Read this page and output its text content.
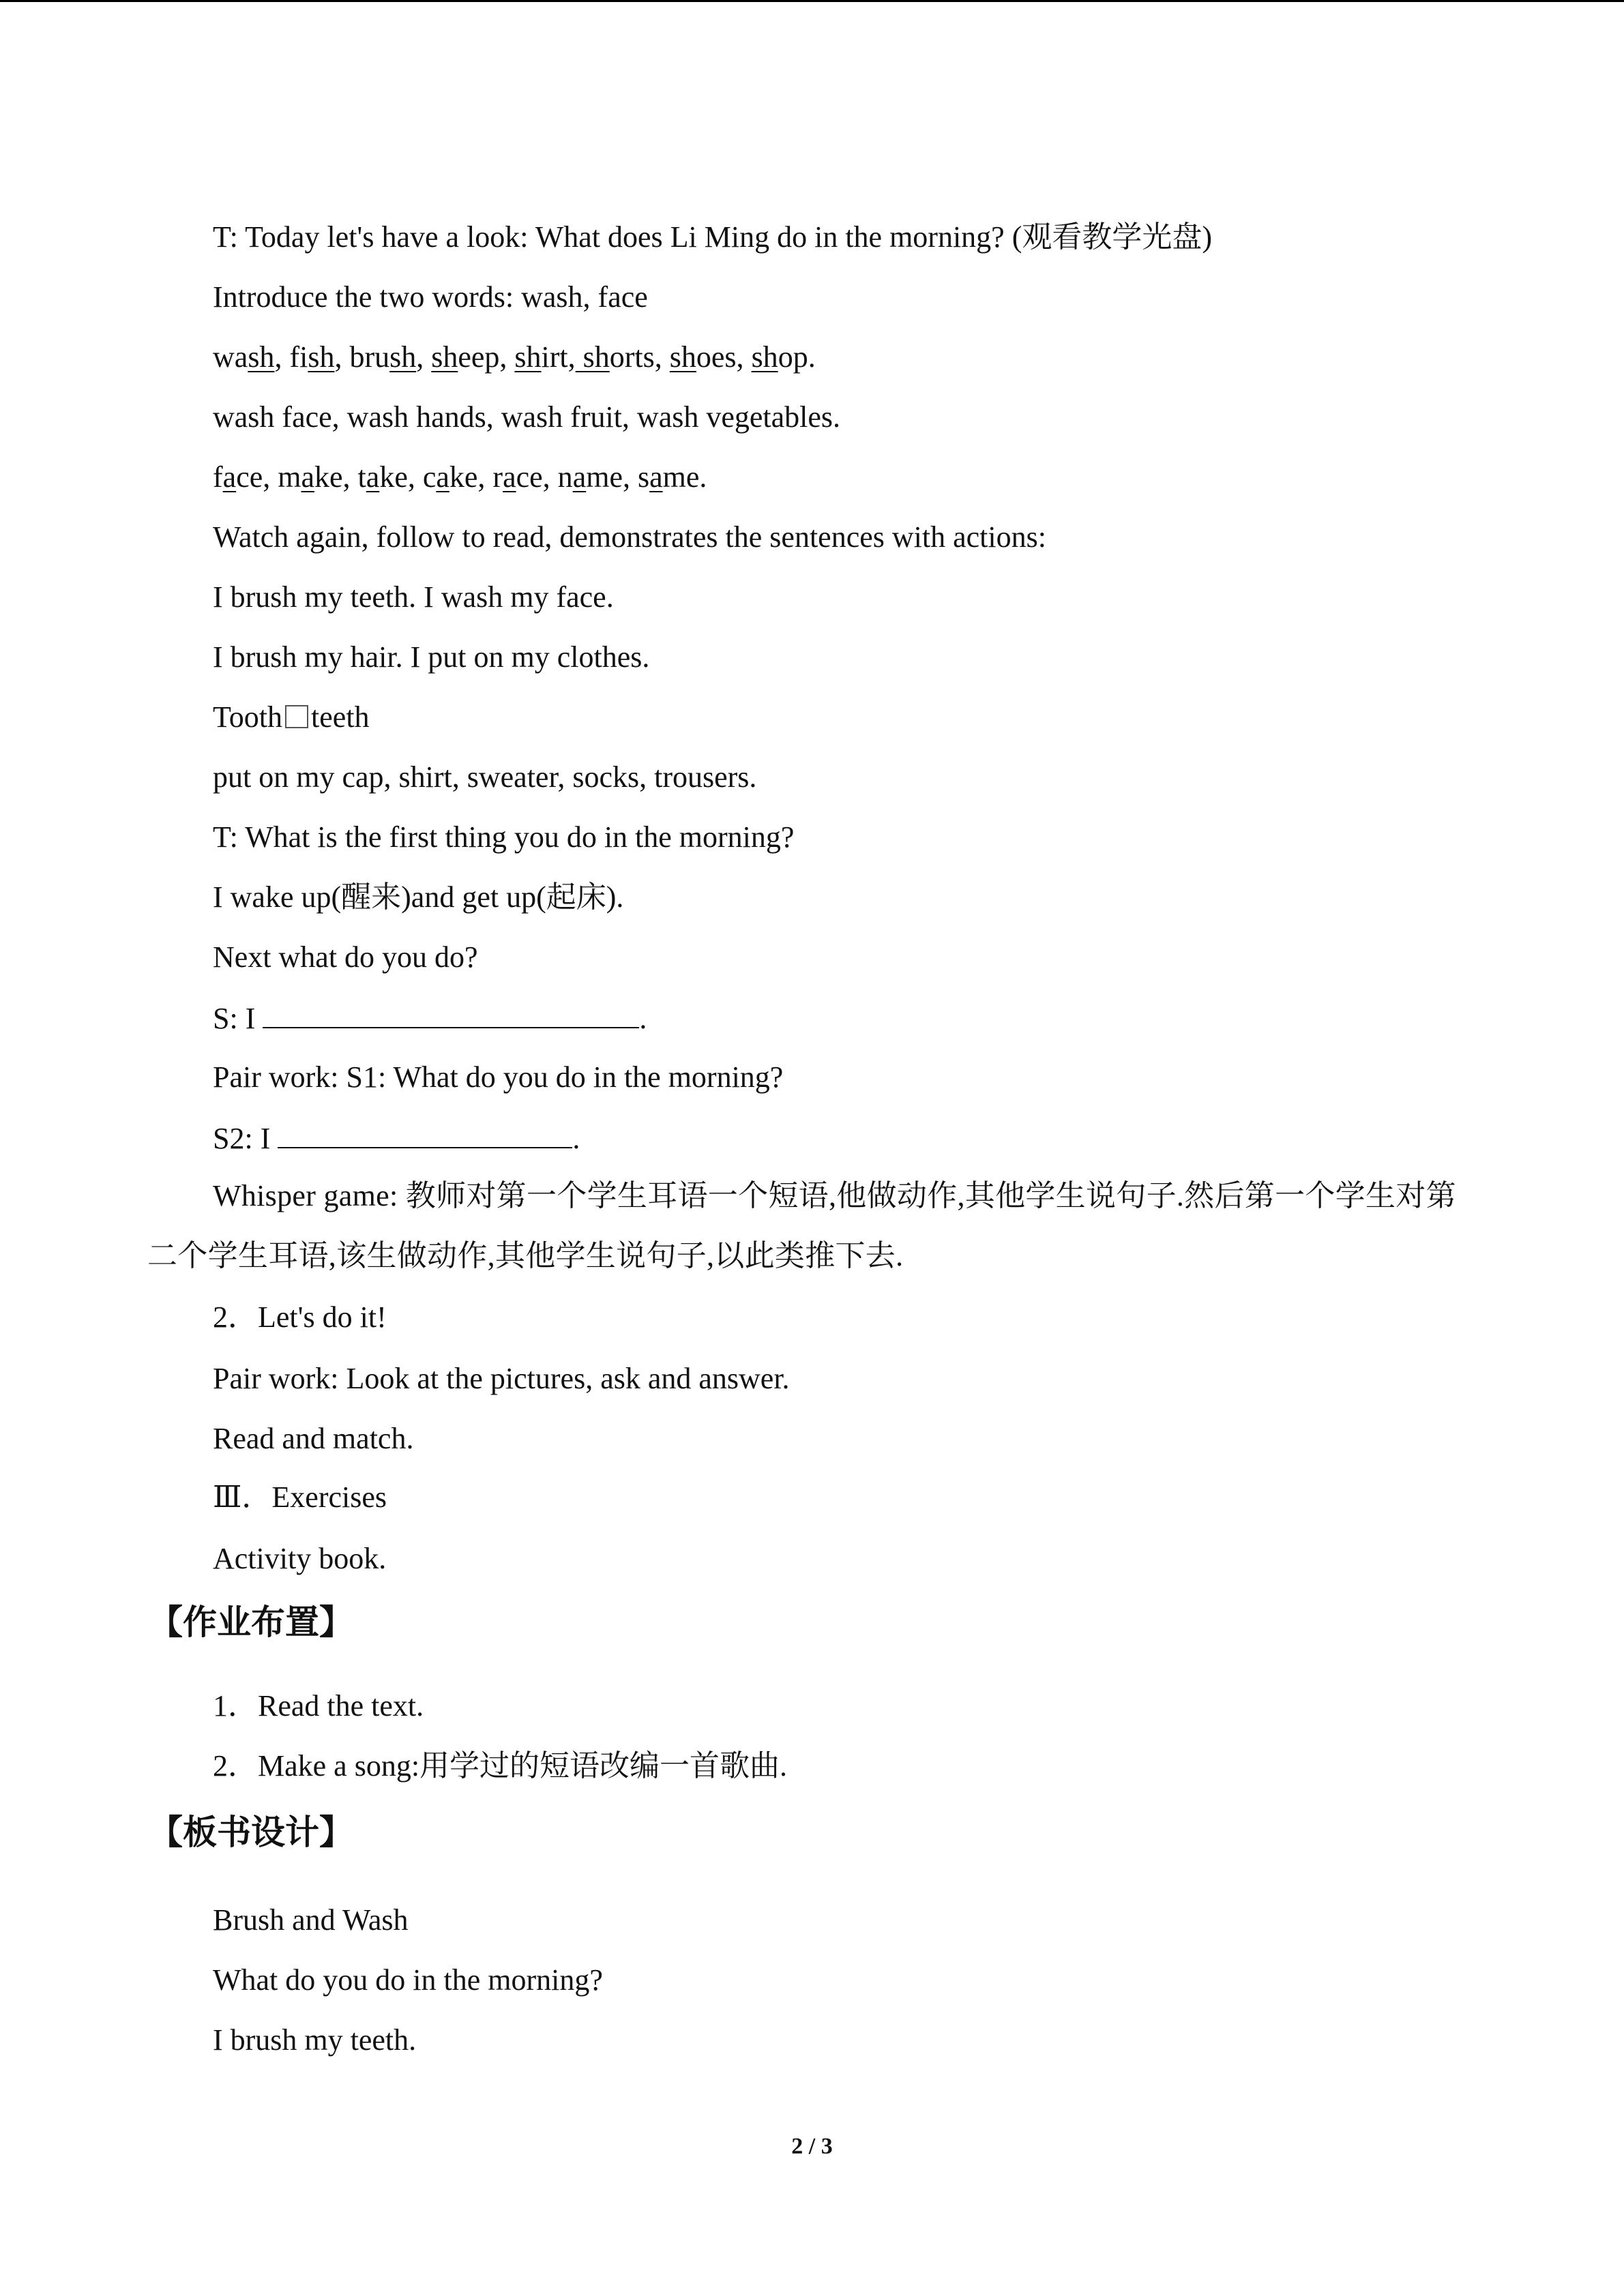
T: Today let's have a look: What does Li Ming do in the morning? (观看教学光盘)
Introduce the two words: wash, face
wash, fish, brush, sheep, shirt, shorts, shoes, shop.
wash face, wash hands, wash fruit, wash vegetables.
face, make, take, cake, race, name, same.
Watch again, follow to read, demonstrates the sentences with actions:
I brush my teeth. I wash my face.
I brush my hair. I put on my clothes.
Tooth teeth
put on my cap, shirt, sweater, socks, trousers.
T: What is the first thing you do in the morning?
I wake up(醒来)and get up(起床).
Next what do you do?
S: I	.
Pair work: S1: What do you do in the morning?
S2: I	.
Whisper game: 教师对第一个学生耳语一个短语,他做动作,其他学生说句子.然后第一个学生对第二个学生耳语,该生做动作,其他学生说句子,以此类推下去.
2．Let's do it!
Pair work: Look at the pictures, ask and answer.
Read and match.
Ⅲ．Exercises
Activity book.
【作业布置】
1．Read the text.
2．Make a song:用学过的短语改编一首歌曲.
【板书设计】
Brush and Wash
What do you do in the morning?
I brush my teeth.
2 / 3
